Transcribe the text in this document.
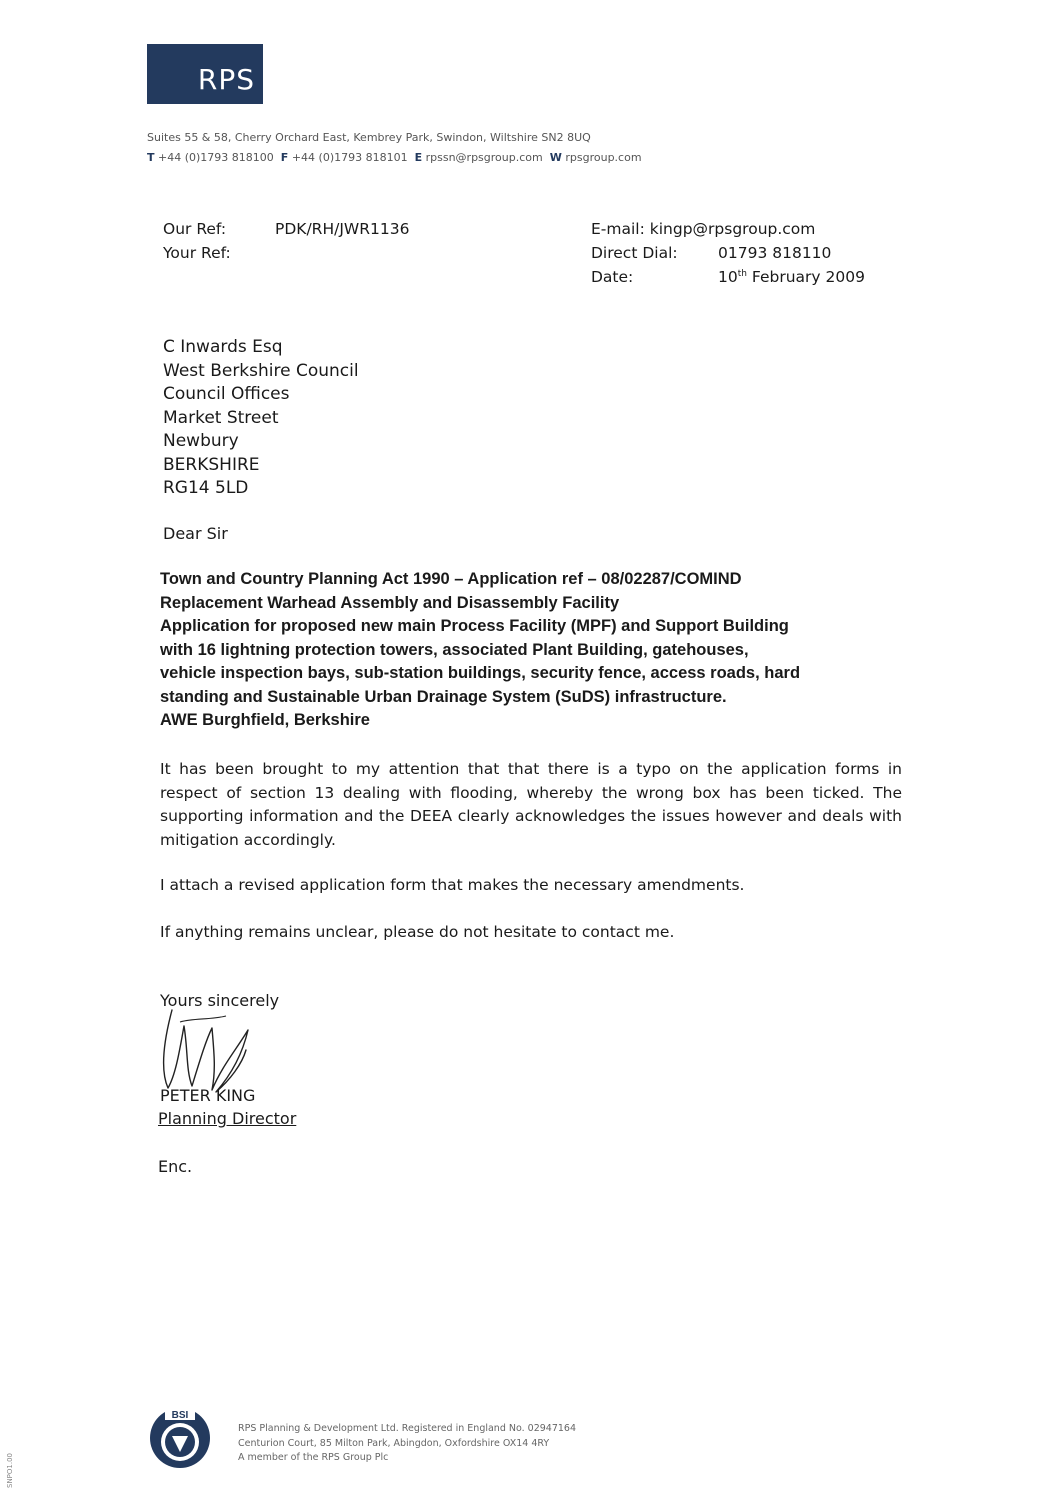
RPS
Suites 55 & 58, Cherry Orchard East, Kembrey Park, Swindon, Wiltshire SN2 8UQ
T +44 (0)1793 818100 F +44 (0)1793 818101 E rpssn@rpsgroup.com W rpsgroup.com
Our Ref:	PDK/RH/JWR1136
Your Ref:
E-mail: kingp@rpsgroup.com
Direct Dial:	01793 818110
Date:	10th February 2009
C Inwards Esq
West Berkshire Council
Council Offices
Market Street
Newbury
BERKSHIRE
RG14 5LD
Dear Sir
Town and Country Planning Act 1990 – Application ref – 08/02287/COMIND
Replacement Warhead Assembly and Disassembly Facility
Application for proposed new main Process Facility (MPF) and Support Building
with 16 lightning protection towers, associated Plant Building, gatehouses,
vehicle inspection bays, sub-station buildings, security fence, access roads, hard
standing and Sustainable Urban Drainage System (SuDS) infrastructure.
AWE Burghfield, Berkshire
It has been brought to my attention that that there is a typo on the application forms in respect of section 13 dealing with flooding, whereby the wrong box has been ticked. The supporting information and the DEEA clearly acknowledges the issues however and deals with mitigation accordingly.
I attach a revised application form that makes the necessary amendments.
If anything remains unclear, please do not hesitate to contact me.
Yours sincerely
PETER KING
Planning Director
Enc.
BSI
RPS Planning & Development Ltd. Registered in England No. 02947164
Centurion Court, 85 Milton Park, Abingdon, Oxfordshire OX14 4RY
A member of the RPS Group Plc
SNPO1.00
